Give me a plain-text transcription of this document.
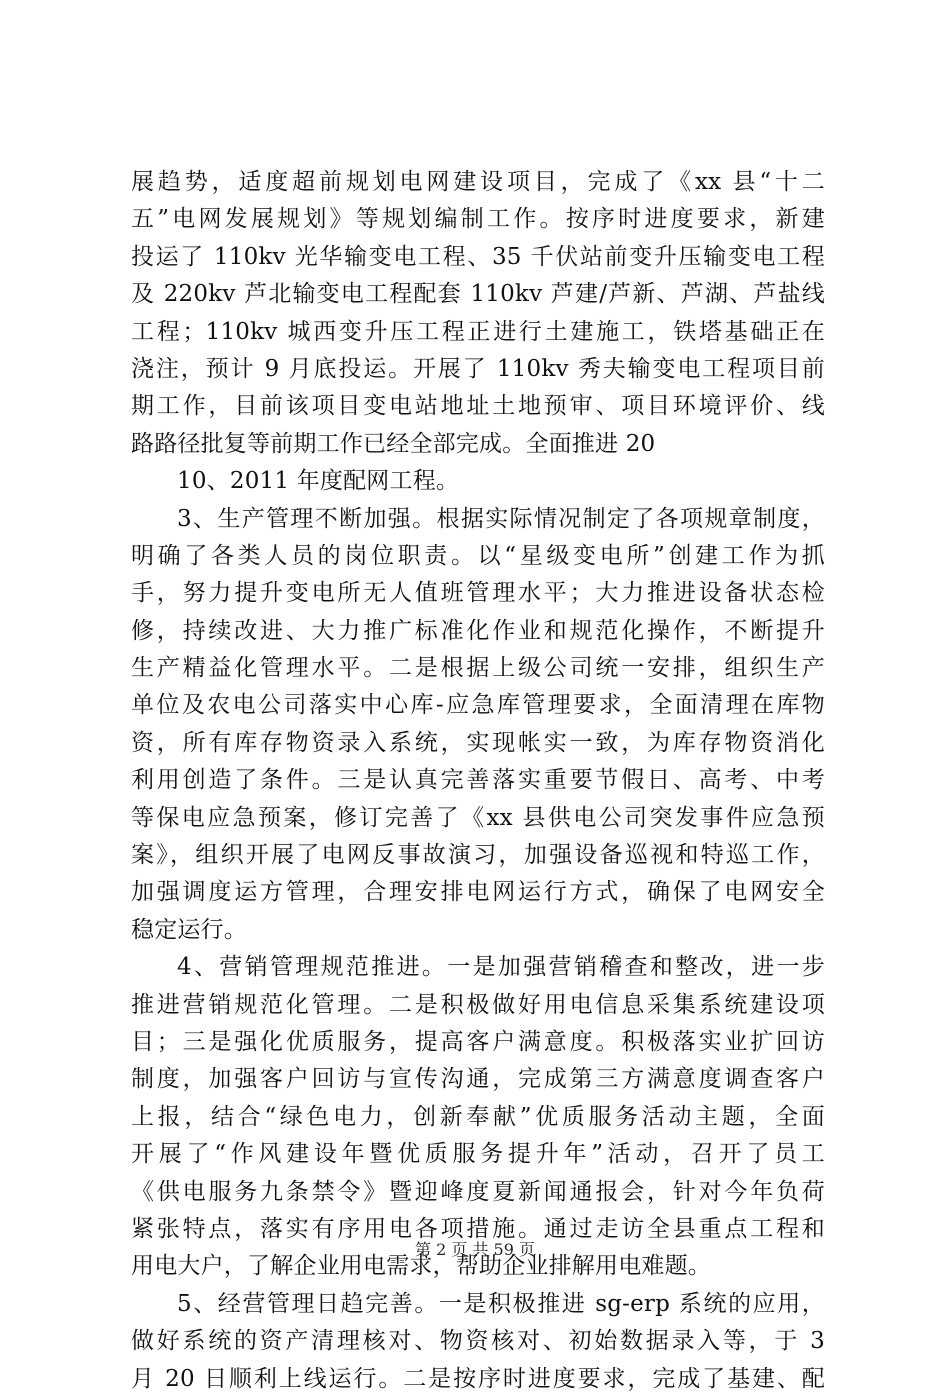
展趋势，适度超前规划电网建设项目，完成了《xx 县“十二
五”电网发展规划》等规划编制工作。按序时进度要求，新建
投运了 110kv 光华输变电工程、35 千伏站前变升压输变电工程
及 220kv 芦北输变电工程配套 110kv 芦建/芦新、芦湖、芦盐线
工程；110kv 城西变升压工程正进行土建施工，铁塔基础正在
浇注，预计 9 月底投运。开展了 110kv 秀夫输变电工程项目前
期工作，目前该项目变电站地址土地预审、项目环境评价、线
路路径批复等前期工作已经全部完成。全面推进 20
10、2011 年度配网工程。
3、生产管理不断加强。根据实际情况制定了各项规章制度，
明确了各类人员的岗位职责。以“星级变电所”创建工作为抓
手，努力提升变电所无人值班管理水平；大力推进设备状态检
修，持续改进、大力推广标准化作业和规范化操作，不断提升
生产精益化管理水平。二是根据上级公司统一安排，组织生产
单位及农电公司落实中心库-应急库管理要求，全面清理在库物
资，所有库存物资录入系统，实现帐实一致，为库存物资消化
利用创造了条件。三是认真完善落实重要节假日、高考、中考
等保电应急预案，修订完善了《xx 县供电公司突发事件应急预
案》，组织开展了电网反事故演习，加强设备巡视和特巡工作，
加强调度运方管理，合理安排电网运行方式，确保了电网安全
稳定运行。
4、营销管理规范推进。一是加强营销稽查和整改，进一步
推进营销规范化管理。二是积极做好用电信息采集系统建设项
目；三是强化优质服务，提高客户满意度。积极落实业扩回访
制度，加强客户回访与宣传沟通，完成第三方满意度调查客户
上报，结合“绿色电力，创新奉献”优质服务活动主题，全面
开展了“作风建设年暨优质服务提升年”活动，召开了员工
《供电服务九条禁令》暨迎峰度夏新闻通报会，针对今年负荷
紧张特点，落实有序用电各项措施。通过走访全县重点工程和
用电大户，了解企业用电需求，帮助企业排解用电难题。
5、经营管理日趋完善。一是积极推进 sg-erp 系统的应用，
做好系统的资产清理核对、物资核对、初始数据录入等，于 3
月 20 日顺利上线运行。二是按序时进度要求，完成了基建、配
第 2 页 共 59 页
